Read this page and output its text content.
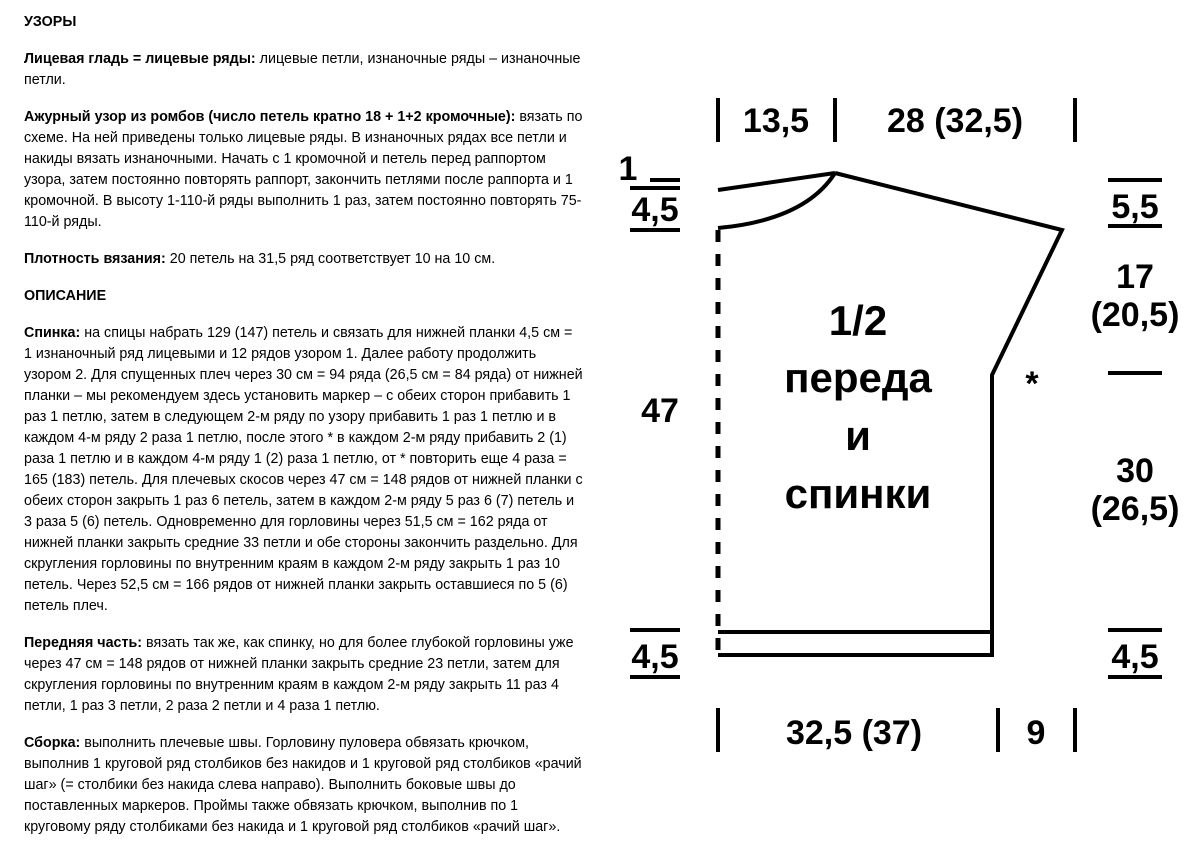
УЗОРЫ

Лицевая гладь = лицевые ряды: лицевые петли, изнаночные ряды – изнаночные петли.

Ажурный узор из ромбов (число петель кратно 18 + 1+2 кромочные): вязать по схеме. На ней приведены только лицевые ряды. В изнаночных рядах все петли и накиды вязать изнаночными. Начать с 1 кромочной и петель перед раппортом узора, затем постоянно повторять раппорт, закончить петлями после раппорта и 1 кромочной. В высоту 1-110-й ряды выполнить 1 раз, затем постоянно повторять 75-110-й ряды.

Плотность вязания: 20 петель на 31,5 ряд соответствует 10 на 10 см.

ОПИСАНИЕ

Спинка: на спицы набрать 129 (147) петель и связать для нижней планки 4,5 см = 1 изнаночный ряд лицевыми и 12 рядов узором 1. Далее работу продолжить узором 2. Для спущенных плеч через 30 см = 94 ряда (26,5 см = 84 ряда) от нижней планки – мы рекомендуем здесь установить маркер – с обеих сторон прибавить 1 раз 1 петлю, затем в следующем 2-м ряду по узору прибавить 1 раз 1 петлю и в каждом 4-м ряду 2 раза 1 петлю, после этого * в каждом 2-м ряду прибавить 2 (1) раза 1 петлю и в каждом 4-м ряду 1 (2) раза 1 петлю, от * повторить еще 4 раза = 165 (183) петель. Для плечевых скосов через 47 см = 148 рядов от нижней планки с обеих сторон закрыть 1 раз 6 петель, затем в каждом 2-м ряду 5 раз 6 (7) петель и 3 раза 5 (6) петель. Одновременно для горловины через 51,5 см = 162 ряда от нижней планки закрыть средние 33 петли и обе стороны закончить раздельно. Для скругления горловины по внутренним краям в каждом 2-м ряду закрыть 1 раз 10 петель. Через 52,5 см = 166 рядов от нижней планки закрыть оставшиеся по 5 (6) петель плеч.

Передняя часть: вязать так же, как спинку, но для более глубокой горловины уже через 47 см = 148 рядов от нижней планки закрыть средние 23 петли, затем для скругления горловины по внутренним краям в каждом 2-м ряду закрыть 11 раз 4 петли, 1 раз 3 петли, 2 раза 2 петли и 4 раза 1 петлю.

Сборка: выполнить плечевые швы. Горловину пуловера обвязать крючком, выполнив 1 круговой ряд столбиков без накидов и 1 круговой ряд столбиков «рачий шаг» (= столбики без накида слева направо). Выполнить боковые швы до поставленных маркеров. Проймы также обвязать крючком, выполнив по 1 круговому ряду столбиками без накида и 1 круговой ряд столбиков «рачий шаг».

13,5 28 (32,5)
1
4,5
*
1/2
переда
и
спинки
47
4,5
5,5
17
(20,5)
30
(26,5)
4,5
32,5 (37)	9
